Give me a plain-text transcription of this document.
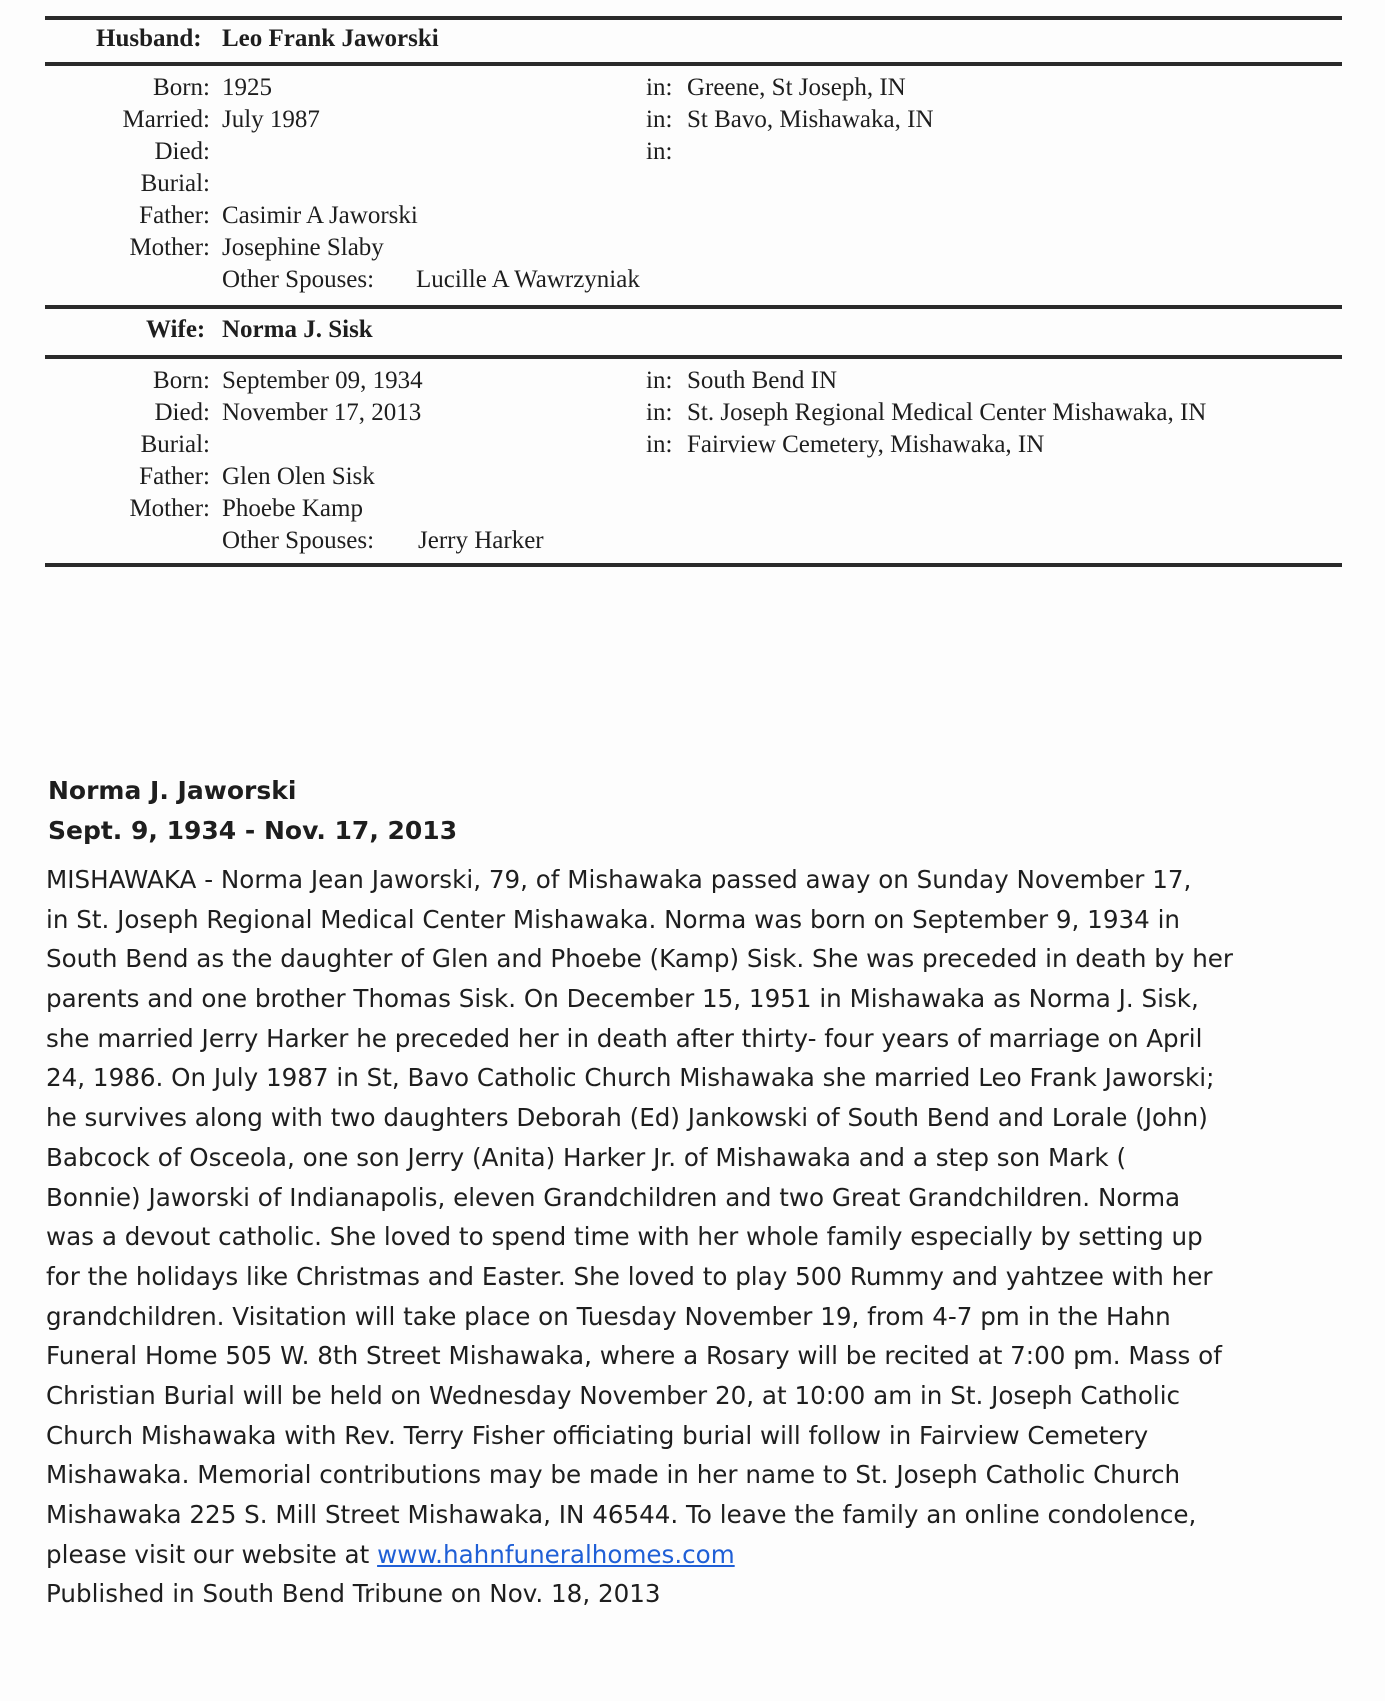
Husband: Leo Frank Jaworski
Born: 1925	in: Greene, St Joseph, IN
Married: July 1987	in: St Bavo, Mishawaka, IN
Died:	in:
Burial:
Father: Casimir A Jaworski
Mother: Josephine Slaby
Other Spouses: Lucille A Wawrzyniak
Wife: Norma J. Sisk
Born: September 09, 1934	in: South Bend IN
Died: November 17, 2013	in: St. Joseph Regional Medical Center Mishawaka, IN
Burial:	in: Fairview Cemetery, Mishawaka, IN
Father: Glen Olen Sisk
Mother: Phoebe Kamp
Other Spouses: Jerry Harker
Norma J. Jaworski
Sept. 9, 1934 - Nov. 17, 2013
MISHAWAKA - Norma Jean Jaworski, 79, of Mishawaka passed away on Sunday November 17,
in St. Joseph Regional Medical Center Mishawaka. Norma was born on September 9, 1934 in
South Bend as the daughter of Glen and Phoebe (Kamp) Sisk. She was preceded in death by her
parents and one brother Thomas Sisk. On December 15, 1951 in Mishawaka as Norma J. Sisk,
she married Jerry Harker he preceded her in death after thirty- four years of marriage on April
24, 1986. On July 1987 in St, Bavo Catholic Church Mishawaka she married Leo Frank Jaworski;
he survives along with two daughters Deborah (Ed) Jankowski of South Bend and Lorale (John)
Babcock of Osceola, one son Jerry (Anita) Harker Jr. of Mishawaka and a step son Mark (
Bonnie) Jaworski of Indianapolis, eleven Grandchildren and two Great Grandchildren. Norma
was a devout catholic. She loved to spend time with her whole family especially by setting up
for the holidays like Christmas and Easter. She loved to play 500 Rummy and yahtzee with her
grandchildren. Visitation will take place on Tuesday November 19, from 4-7 pm in the Hahn
Funeral Home 505 W. 8th Street Mishawaka, where a Rosary will be recited at 7:00 pm. Mass of
Christian Burial will be held on Wednesday November 20, at 10:00 am in St. Joseph Catholic
Church Mishawaka with Rev. Terry Fisher officiating burial will follow in Fairview Cemetery
Mishawaka. Memorial contributions may be made in her name to St. Joseph Catholic Church
Mishawaka 225 S. Mill Street Mishawaka, IN 46544. To leave the family an online condolence,
please visit our website at www.hahnfuneralhomes.com
Published in South Bend Tribune on Nov. 18, 2013
